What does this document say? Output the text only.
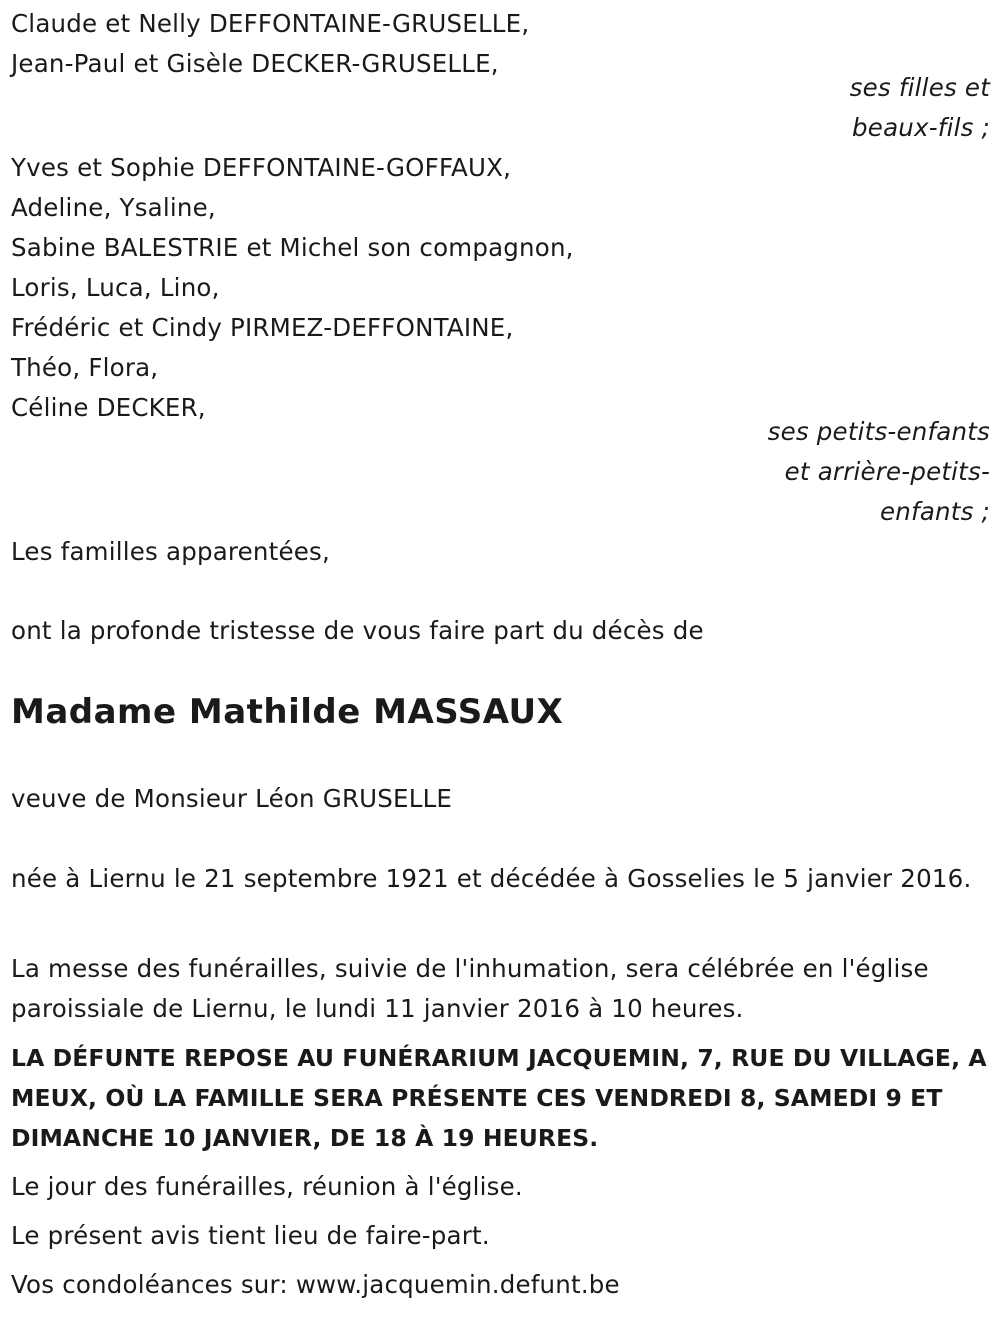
Claude et Nelly DEFFONTAINE-GRUSELLE,
Jean-Paul et Gisèle DECKER-GRUSELLE,
ses filles et
beaux-fils ;
Yves et Sophie DEFFONTAINE-GOFFAUX,
Adeline, Ysaline,
Sabine BALESTRIE et Michel son compagnon,
Loris, Luca, Lino,
Frédéric et Cindy PIRMEZ-DEFFONTAINE,
Théo, Flora,
Céline DECKER,
ses petits-enfants
et arrière-petits-
enfants ;
Les familles apparentées,
ont la profonde tristesse de vous faire part du décès de
Madame Mathilde MASSAUX
veuve de Monsieur Léon GRUSELLE
née à Liernu le 21 septembre 1921 et décédée à Gosselies le 5 janvier 2016.
La messe des funérailles, suivie de l'inhumation, sera célébrée en l'église paroissiale de Liernu, le lundi 11 janvier 2016 à 10 heures.
LA DÉFUNTE REPOSE AU FUNÉRARIUM JACQUEMIN, 7, RUE DU VILLAGE, A MEUX, OÙ LA FAMILLE SERA PRÉSENTE CES VENDREDI 8, SAMEDI 9 ET DIMANCHE 10 JANVIER, DE 18 À 19 HEURES.
Le jour des funérailles, réunion à l'église.
Le présent avis tient lieu de faire-part.
Vos condoléances sur: www.jacquemin.defunt.be
